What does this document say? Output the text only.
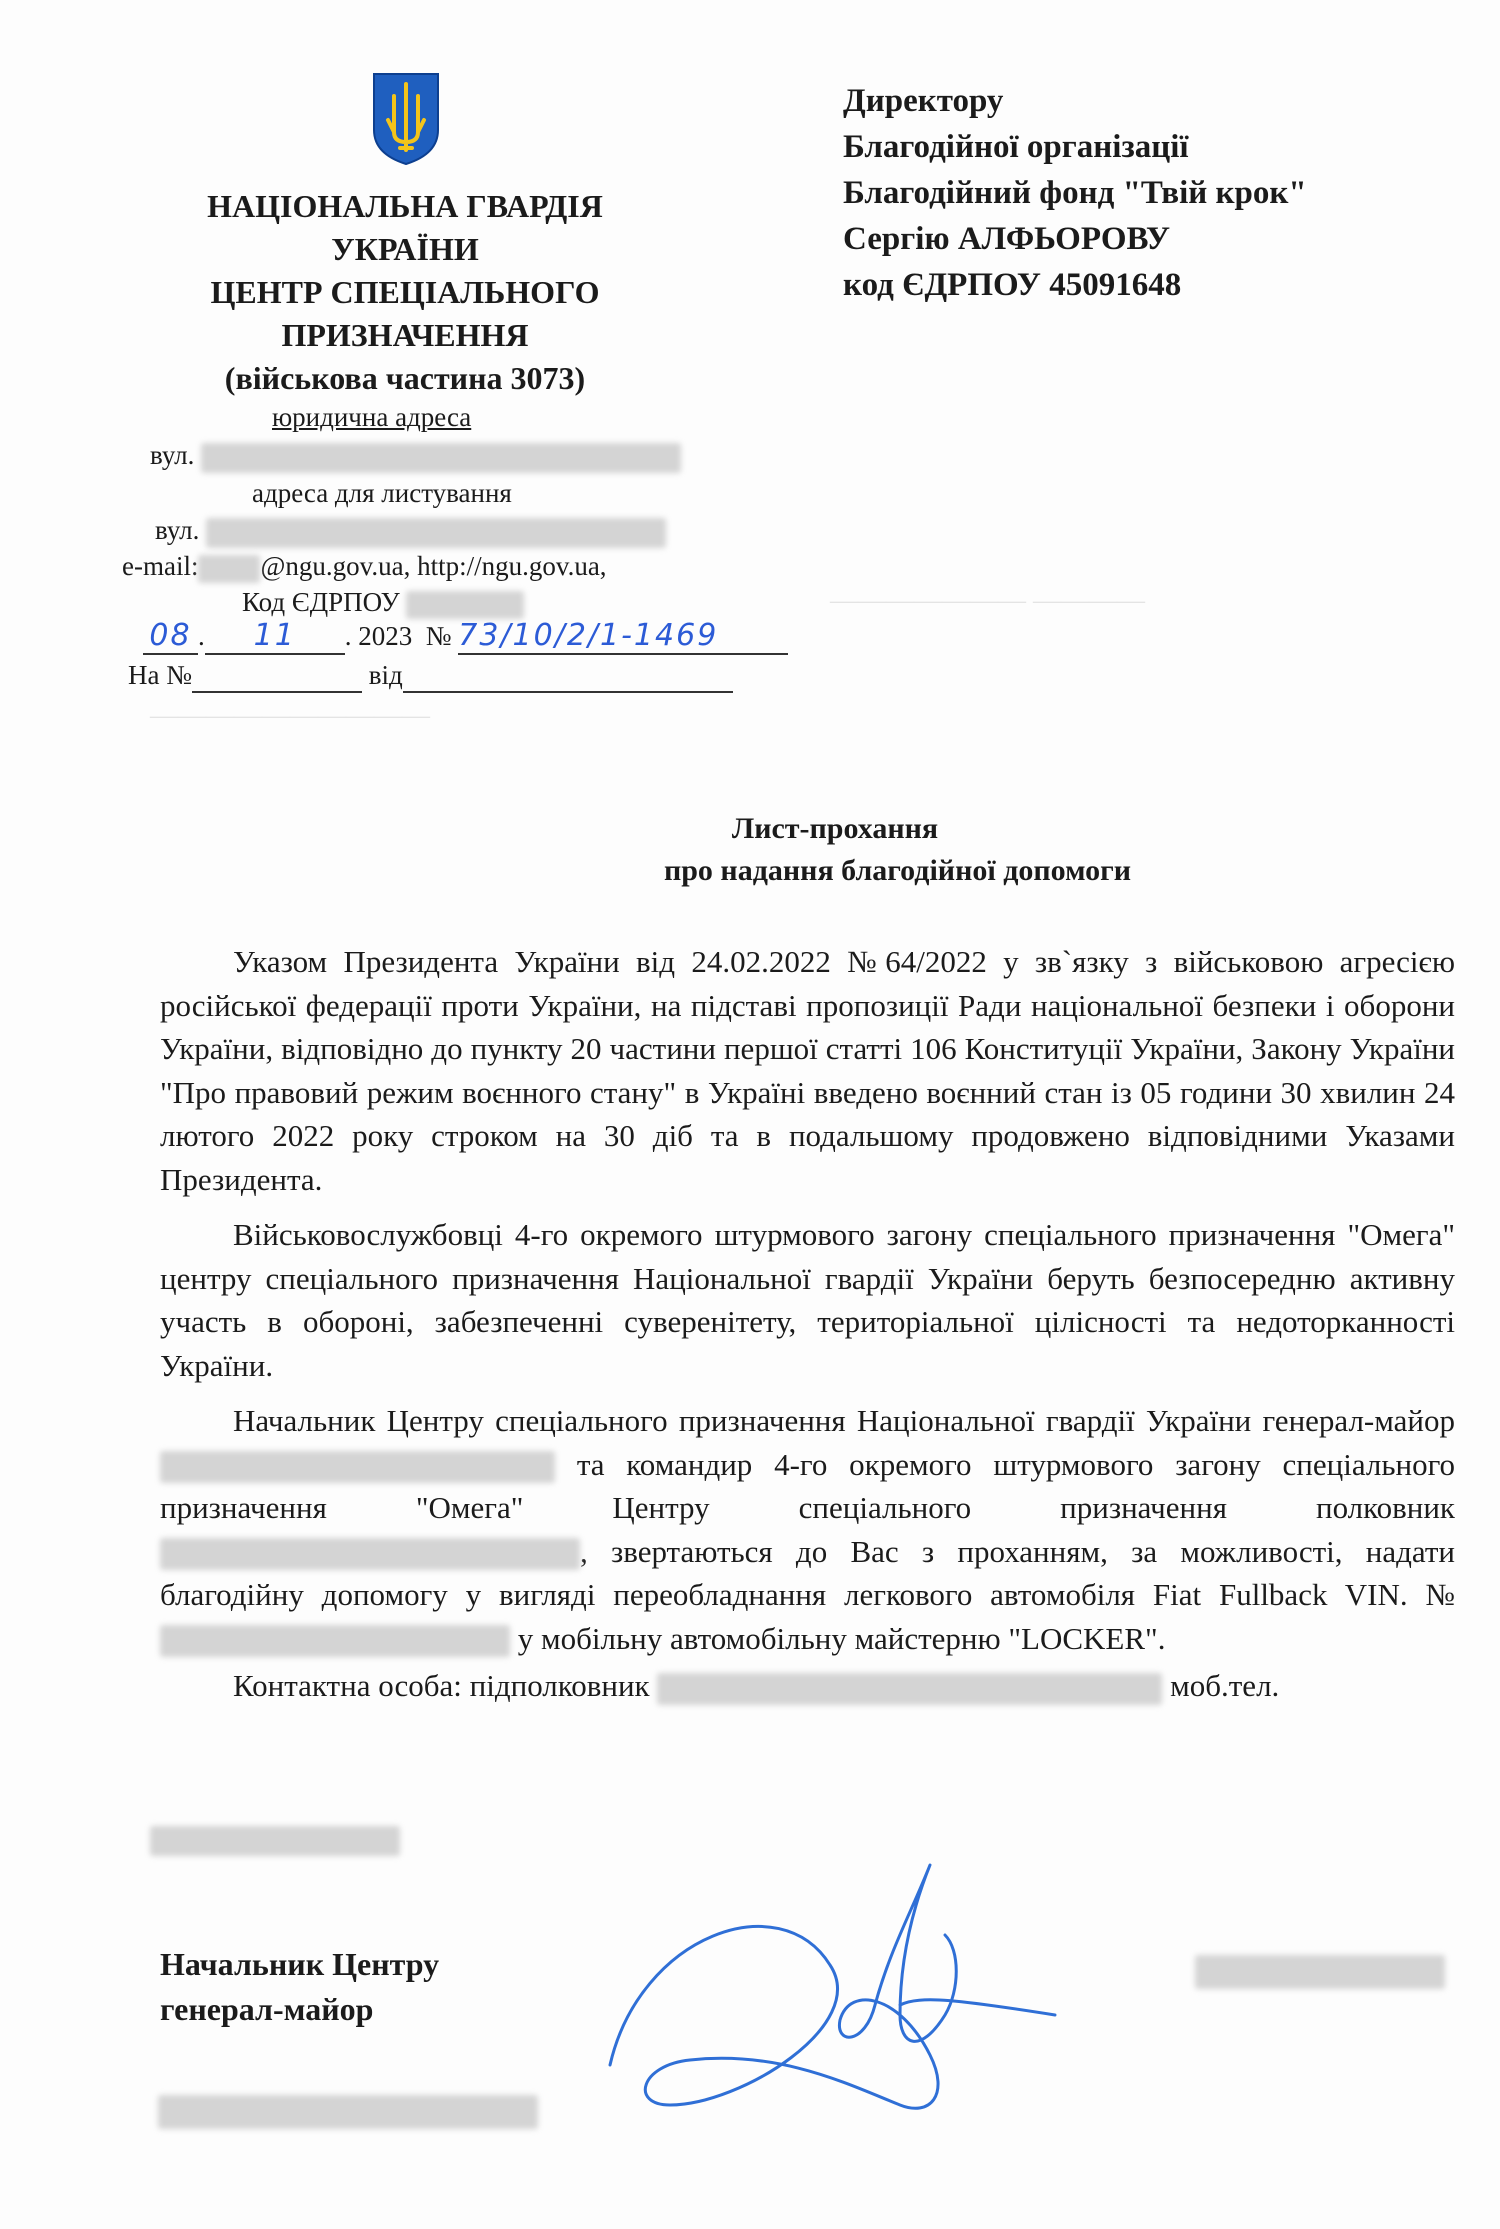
——————— ————
——————————
НАЦІОНАЛЬНА ГВАРДІЯ
УКРАЇНИ
ЦЕНТР СПЕЦІАЛЬНОГО
ПРИЗНАЧЕННЯ
(військова частина 3073)
юридична адреса
вул.
адреса для листування
вул.
e-mail: @ngu.gov.ua, http://ngu.gov.ua,
Код ЄДРПОУ
08 . 11 . 2023 № 73/10/2/1-1469
На №	від
Директору
Благодійної організації
Благодійний фонд "Твій крок"
Сергію АЛФЬОРОВУ
код ЄДРПОУ 45091648
Лист-прохання
про надання благодійної допомоги

Указом Президента України від 24.02.2022 №64/2022 у зв`язку з військовою агресією російської федерації проти України, на підставі пропозиції Ради національної безпеки і оборони України, відповідно до пункту 20 частини першої статті 106 Конституції України, Закону України "Про правовий режим воєнного стану" в Україні введено воєнний стан із 05 години 30 хвилин 24 лютого 2022 року строком на 30 діб та в подальшому продовжено відповідними Указами Президента.

Військовослужбовці 4-го окремого штурмового загону спеціального призначення "Омега" центру спеціального призначення Національної гвардії України беруть безпосередню активну участь в обороні, забезпеченні суверенітету, територіальної цілісності та недоторканності України.

Начальник Центру спеціального призначення Національної гвардії України генерал-майор  та командир 4-го окремого штурмового загону спеціального призначення "Омега" Центру спеціального призначення полковник , звертаються до Вас з проханням, за можливості, надати благодійну допомогу у вигляді переобладнання легкового автомобіля Fiat Fullback VIN. №  у мобільну автомобільну майстерню "LOCKER".

Контактна особа: підполковник	моб.тел.

Начальник Центру
генерал-майор
